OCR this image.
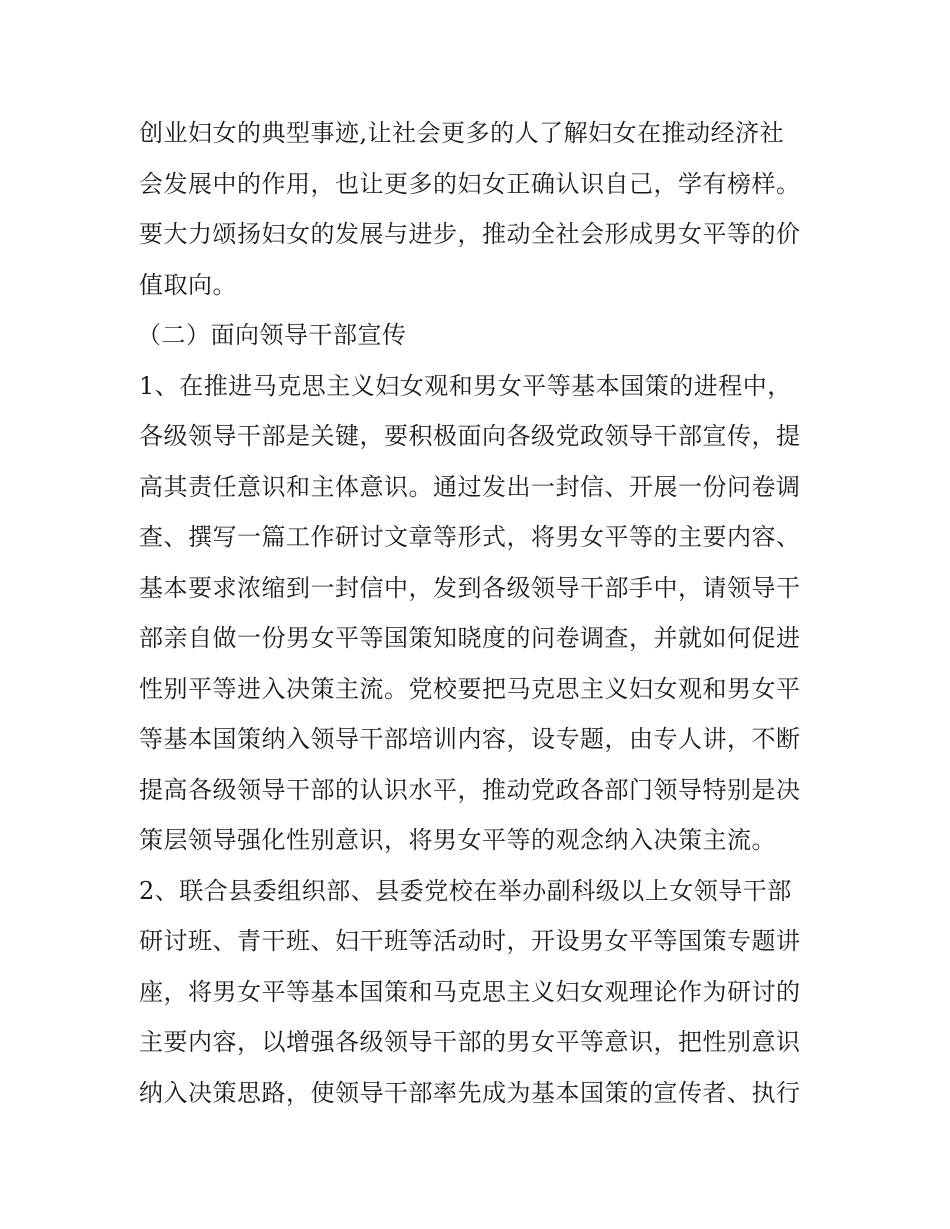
创业妇女的典型事迹,让社会更多的人了解妇女在推动经济社
会发展中的作用，也让更多的妇女正确认识自己，学有榜样。
要大力颂扬妇女的发展与进步，推动全社会形成男女平等的价
值取向。
（二）面向领导干部宣传
1、在推进马克思主义妇女观和男女平等基本国策的进程中，
各级领导干部是关键，要积极面向各级党政领导干部宣传，提
高其责任意识和主体意识。通过发出一封信、开展一份问卷调
查、撰写一篇工作研讨文章等形式，将男女平等的主要内容、
基本要求浓缩到一封信中，发到各级领导干部手中，请领导干
部亲自做一份男女平等国策知晓度的问卷调查，并就如何促进
性别平等进入决策主流。党校要把马克思主义妇女观和男女平
等基本国策纳入领导干部培训内容，设专题，由专人讲，不断
提高各级领导干部的认识水平，推动党政各部门领导特别是决
策层领导强化性别意识，将男女平等的观念纳入决策主流。
2、联合县委组织部、县委党校在举办副科级以上女领导干部
研讨班、青干班、妇干班等活动时，开设男女平等国策专题讲
座，将男女平等基本国策和马克思主义妇女观理论作为研讨的
主要内容，以增强各级领导干部的男女平等意识，把性别意识
纳入决策思路，使领导干部率先成为基本国策的宣传者、执行
